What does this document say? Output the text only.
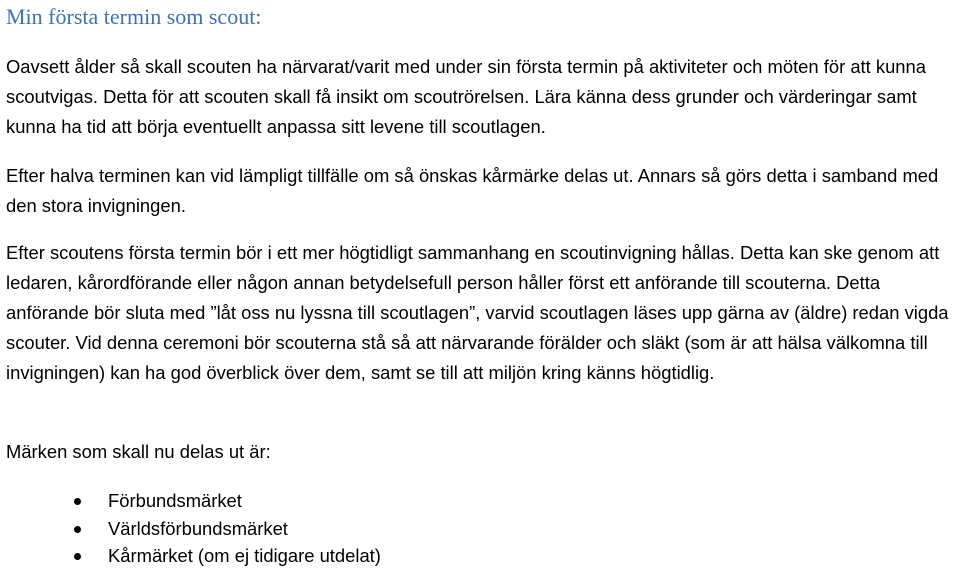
Min första termin som scout:

Oavsett ålder så skall scouten ha närvarat/varit med under sin första termin på aktiviteter och möten för att kunna scoutvigas. Detta för att scouten skall få insikt om scoutrörelsen. Lära känna dess grunder och värderingar samt kunna ha tid att börja eventuellt anpassa sitt levene till scoutlagen.

Efter halva terminen kan vid lämpligt tillfälle om så önskas kårmärke delas ut. Annars så görs detta i samband med den stora invigningen.

Efter scoutens första termin bör i ett mer högtidligt sammanhang en scoutinvigning hållas. Detta kan ske genom att ledaren, kårordförande eller någon annan betydelsefull person håller först ett anförande till scouterna. Detta anförande bör sluta med ”låt oss nu lyssna till scoutlagen”, varvid scoutlagen läses upp gärna av (äldre) redan vigda scouter. Vid denna ceremoni bör scouterna stå så att närvarande förälder och släkt (som är att hälsa välkomna till invigningen) kan ha god överblick över dem, samt se till att miljön kring känns högtidlig.

Märken som skall nu delas ut är:

Förbundsmärket
Världsförbundsmärket
Kårmärket (om ej tidigare utdelat)
